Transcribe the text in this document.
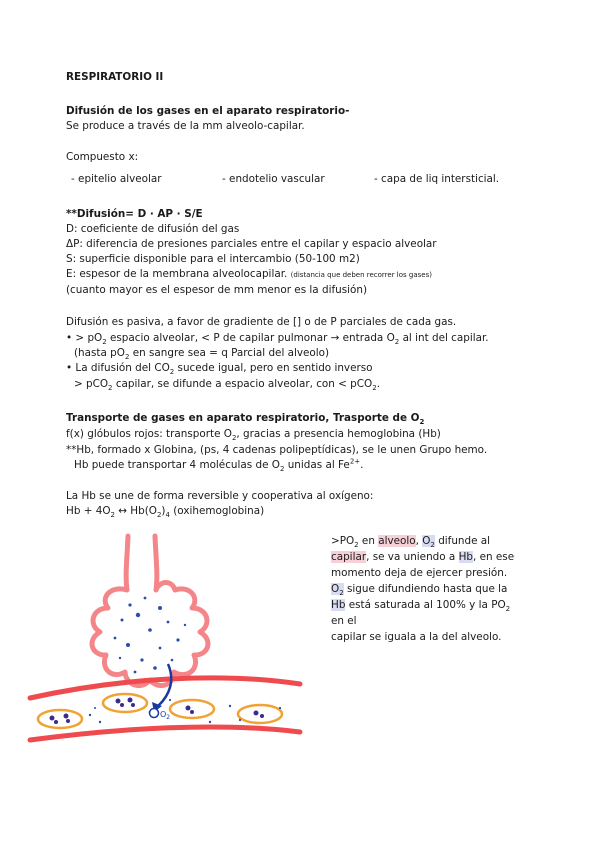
RESPIRATORIO II
Difusión de los gases en el aparato respiratorio-
Se produce a través de la mm alveolo-capilar.
Compuesto x:
- epitelio alveolar	- endotelio vascular	- capa de liq intersticial.
**Difusión= D · AP · S/E
D: coeficiente de difusión del gas
ΔP: diferencia de presiones parciales entre el capilar y espacio alveolar
S: superficie disponible para el intercambio (50-100 m2)
E: espesor de la membrana alveolocapilar. (distancia que deben recorrer los gases)
(cuanto mayor es el espesor de mm menor es la difusión)
Difusión es pasiva, a favor de gradiente de [] o de P parciales de cada gas.
• > $pO_2$ espacio alveolar, < P de capilar pulmonar → entrada $O_2$ al int del capilar.
(hasta $pO_2$ en sangre sea = q Parcial del alveolo)
• La difusión del $CO_2$ sucede igual, pero en sentido inverso
> pCO$_2$ capilar, se difunde a espacio alveolar, con < pCO$_2$.
Transporte de gases en aparato respiratorio, Trasporte de $O_2$
f(x) glóbulos rojos: transporte $O_2$, gracias a presencia hemoglobina (Hb)
**Hb, formado x Globina, (ps, 4 cadenas polipeptídicas), se le unen Grupo hemo.
Hb puede transportar 4 moléculas de $O_2$ unidas al $Fe^{2+}$.
La Hb se une de forma reversible y cooperativa al oxígeno:
$Hb + 4O_2$ ↔ $Hb(O_2)_4$ (oxihemoglobina)

$>PO_2$ en alveolo, $O_2$ difunde al

capilar, se va uniendo a Hb, en ese

momento deja de ejercer presión.

$O_2$ sigue difundiendo hasta que la

Hb está saturada al 100% y la $PO_2$

en el

capilar se iguala a la del alveolo.

$O_2$
